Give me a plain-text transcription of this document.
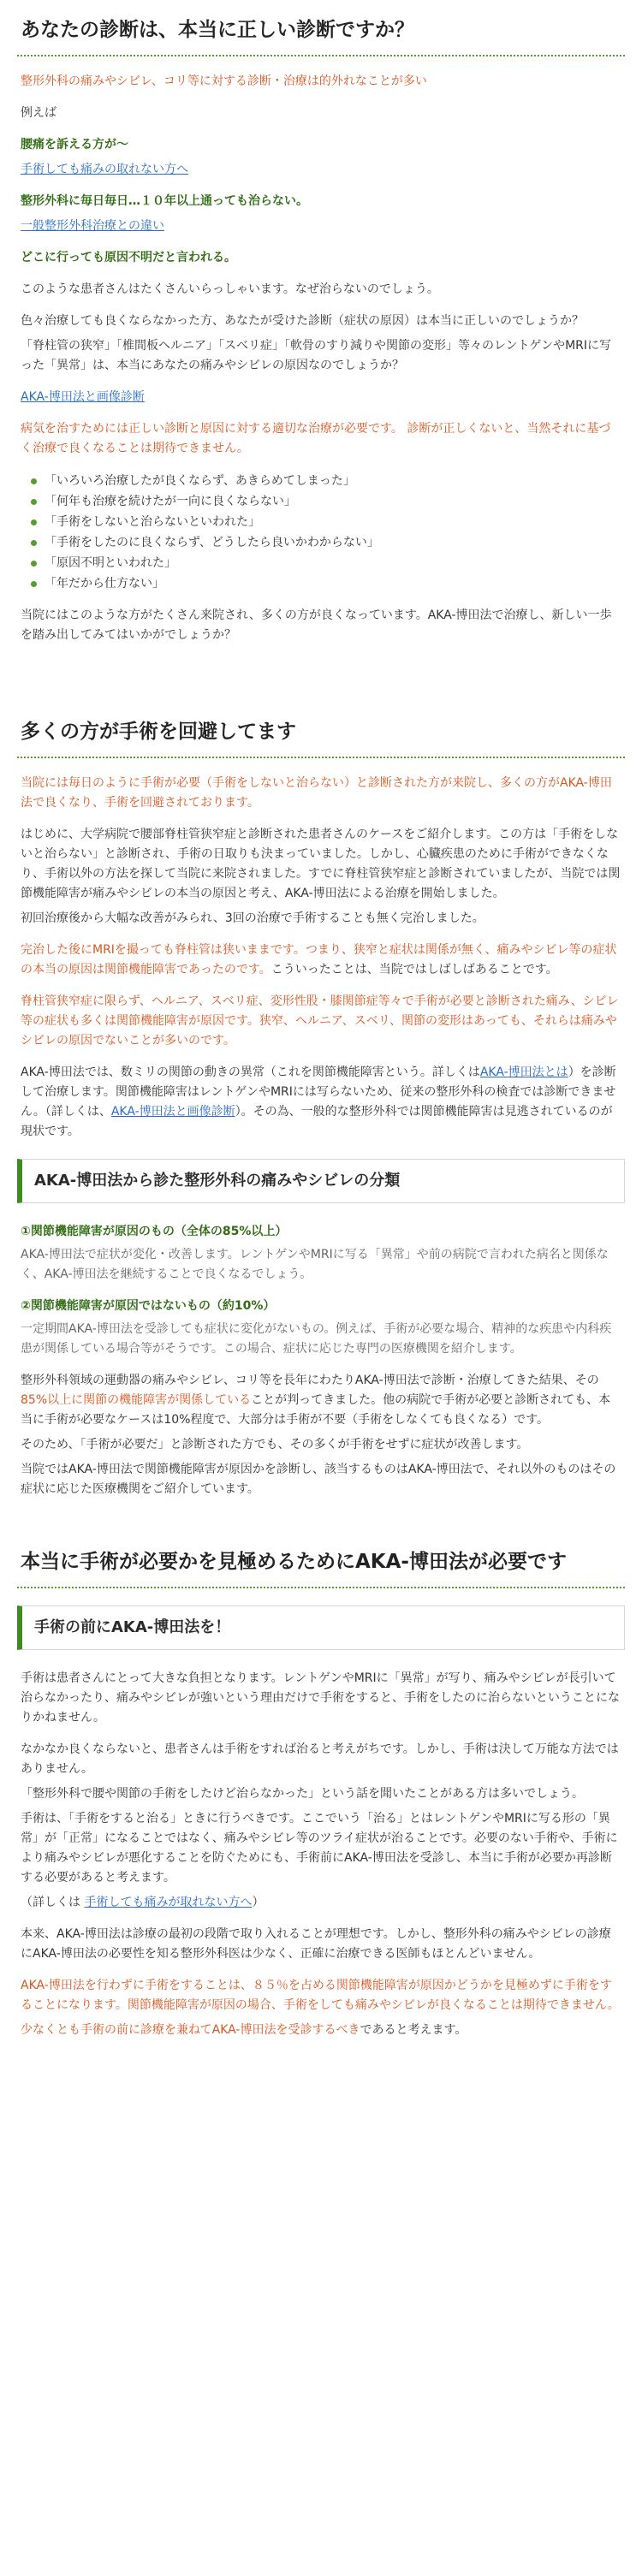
あなたの診断は、本当に正しい診断ですか？

整形外科の痛みやシビレ、コリ等に対する診断・治療は的外れなことが多い

例えば

腰痛を訴える方が〜

手術しても痛みの取れない方へ

整形外科に毎日毎日…１０年以上通っても治らない。

一般整形外科治療との違い

どこに行っても原因不明だと言われる。

このような患者さんはたくさんいらっしゃいます。なぜ治らないのでしょう。

色々治療しても良くならなかった方、あなたが受けた診断（症状の原因）は本当に正しいのでしょうか？

「脊柱管の狭窄」「椎間板ヘルニア」「スベリ症」「軟骨のすり減りや関節の変形」等々のレントゲンやMRIに写った「異常」は、本当にあなたの痛みやシビレの原因なのでしょうか？

AKA-博田法と画像診断

病気を治すためには正しい診断と原因に対する適切な治療が必要です。 診断が正しくないと、当然それに基づく治療で良くなることは期待できません。

「いろいろ治療したが良くならず、あきらめてしまった」
「何年も治療を続けたが一向に良くならない」
「手術をしないと治らないといわれた」
「手術をしたのに良くならず、どうしたら良いかわからない」
「原因不明といわれた」
「年だから仕方ない」

当院にはこのような方がたくさん来院され、多くの方が良くなっています。AKA-博田法で治療し、新しい一歩を踏み出してみてはいかがでしょうか？

多くの方が手術を回避してます

当院には毎日のように手術が必要（手術をしないと治らない）と診断された方が来院し、多くの方がAKA-博田法で良くなり、手術を回避されております。

はじめに、大学病院で腰部脊柱管狭窄症と診断された患者さんのケースをご紹介します。この方は「手術をしないと治らない」と診断され、手術の日取りも決まっていました。しかし、心臓疾患のために手術ができなくなり、手術以外の方法を探して当院に来院されました。すでに脊柱管狭窄症と診断されていましたが、当院では関節機能障害が痛みやシビレの本当の原因と考え、AKA-博田法による治療を開始しました。

初回治療後から大幅な改善がみられ、3回の治療で手術することも無く完治しました。

完治した後にMRIを撮っても脊柱管は狭いままです。つまり、狭窄と症状は関係が無く、痛みやシビレ等の症状の本当の原因は関節機能障害であったのです。こういったことは、当院ではしばしばあることです。

脊柱管狭窄症に限らず、ヘルニア、スベリ症、変形性股・膝関節症等々で手術が必要と診断された痛み、シビレ等の症状も多くは関節機能障害が原因です。狭窄、ヘルニア、スベリ、関節の変形はあっても、それらは痛みやシビレの原因でないことが多いのです。

AKA-博田法では、数ミリの関節の動きの異常（これを関節機能障害という。詳しくはAKA-博田法とは）を診断して治療します。関節機能障害はレントゲンやMRIには写らないため、従来の整形外科の検査では診断できません。（詳しくは、AKA-博田法と画像診断）。その為、一般的な整形外科では関節機能障害は見逃されているのが現状です。

AKA-博田法から診た整形外科の痛みやシビレの分類

①関節機能障害が原因のもの（全体の85%以上）

AKA-博田法で症状が変化・改善します。レントゲンやMRIに写る「異常」や前の病院で言われた病名と関係なく、AKA-博田法を継続することで良くなるでしょう。

②関節機能障害が原因ではないもの（約10%）

一定期間AKA-博田法を受診しても症状に変化がないもの。例えば、手術が必要な場合、精神的な疾患や内科疾患が関係している場合等がそうです。この場合、症状に応じた専門の医療機関を紹介します。

整形外科領域の運動器の痛みやシビレ、コリ等を長年にわたりAKA-博田法で診断・治療してきた結果、その85%以上に関節の機能障害が関係していることが判ってきました。他の病院で手術が必要と診断されても、本当に手術が必要なケースは10%程度で、大部分は手術が不要（手術をしなくても良くなる）です。

そのため、「手術が必要だ」と診断された方でも、その多くが手術をせずに症状が改善します。

当院ではAKA-博田法で関節機能障害が原因かを診断し、該当するものはAKA-博田法で、それ以外のものはその症状に応じた医療機関をご紹介しています。

本当に手術が必要かを見極めるためにAKA-博田法が必要です
手術の前にAKA-博田法を！

手術は患者さんにとって大きな負担となります。レントゲンやMRIに「異常」が写り、痛みやシビレが長引いて治らなかったり、痛みやシビレが強いという理由だけで手術をすると、手術をしたのに治らないということになりかねません。

なかなか良くならないと、患者さんは手術をすれば治ると考えがちです。しかし、手術は決して万能な方法ではありません。

「整形外科で腰や関節の手術をしたけど治らなかった」という話を聞いたことがある方は多いでしょう。

手術は、「手術をすると治る」ときに行うべきです。ここでいう「治る」とはレントゲンやMRIに写る形の「異常」が「正常」になることではなく、痛みやシビレ等のツライ症状が治ることです。必要のない手術や、手術により痛みやシビレが悪化することを防ぐためにも、手術前にAKA-博田法を受診し、本当に手術が必要か再診断する必要があると考えます。

（詳しくは 手術しても痛みが取れない方へ）

本来、AKA-博田法は診療の最初の段階で取り入れることが理想です。しかし、整形外科の痛みやシビレの診療にAKA-博田法の必要性を知る整形外科医は少なく、正確に治療できる医師もほとんどいません。

AKA-博田法を行わずに手術をすることは、８５％を占める関節機能障害が原因かどうかを見極めずに手術をすることになります。関節機能障害が原因の場合、手術をしても痛みやシビレが良くなることは期待できません。

少なくとも手術の前に診療を兼ねてAKA-博田法を受診するべきであると考えます。
